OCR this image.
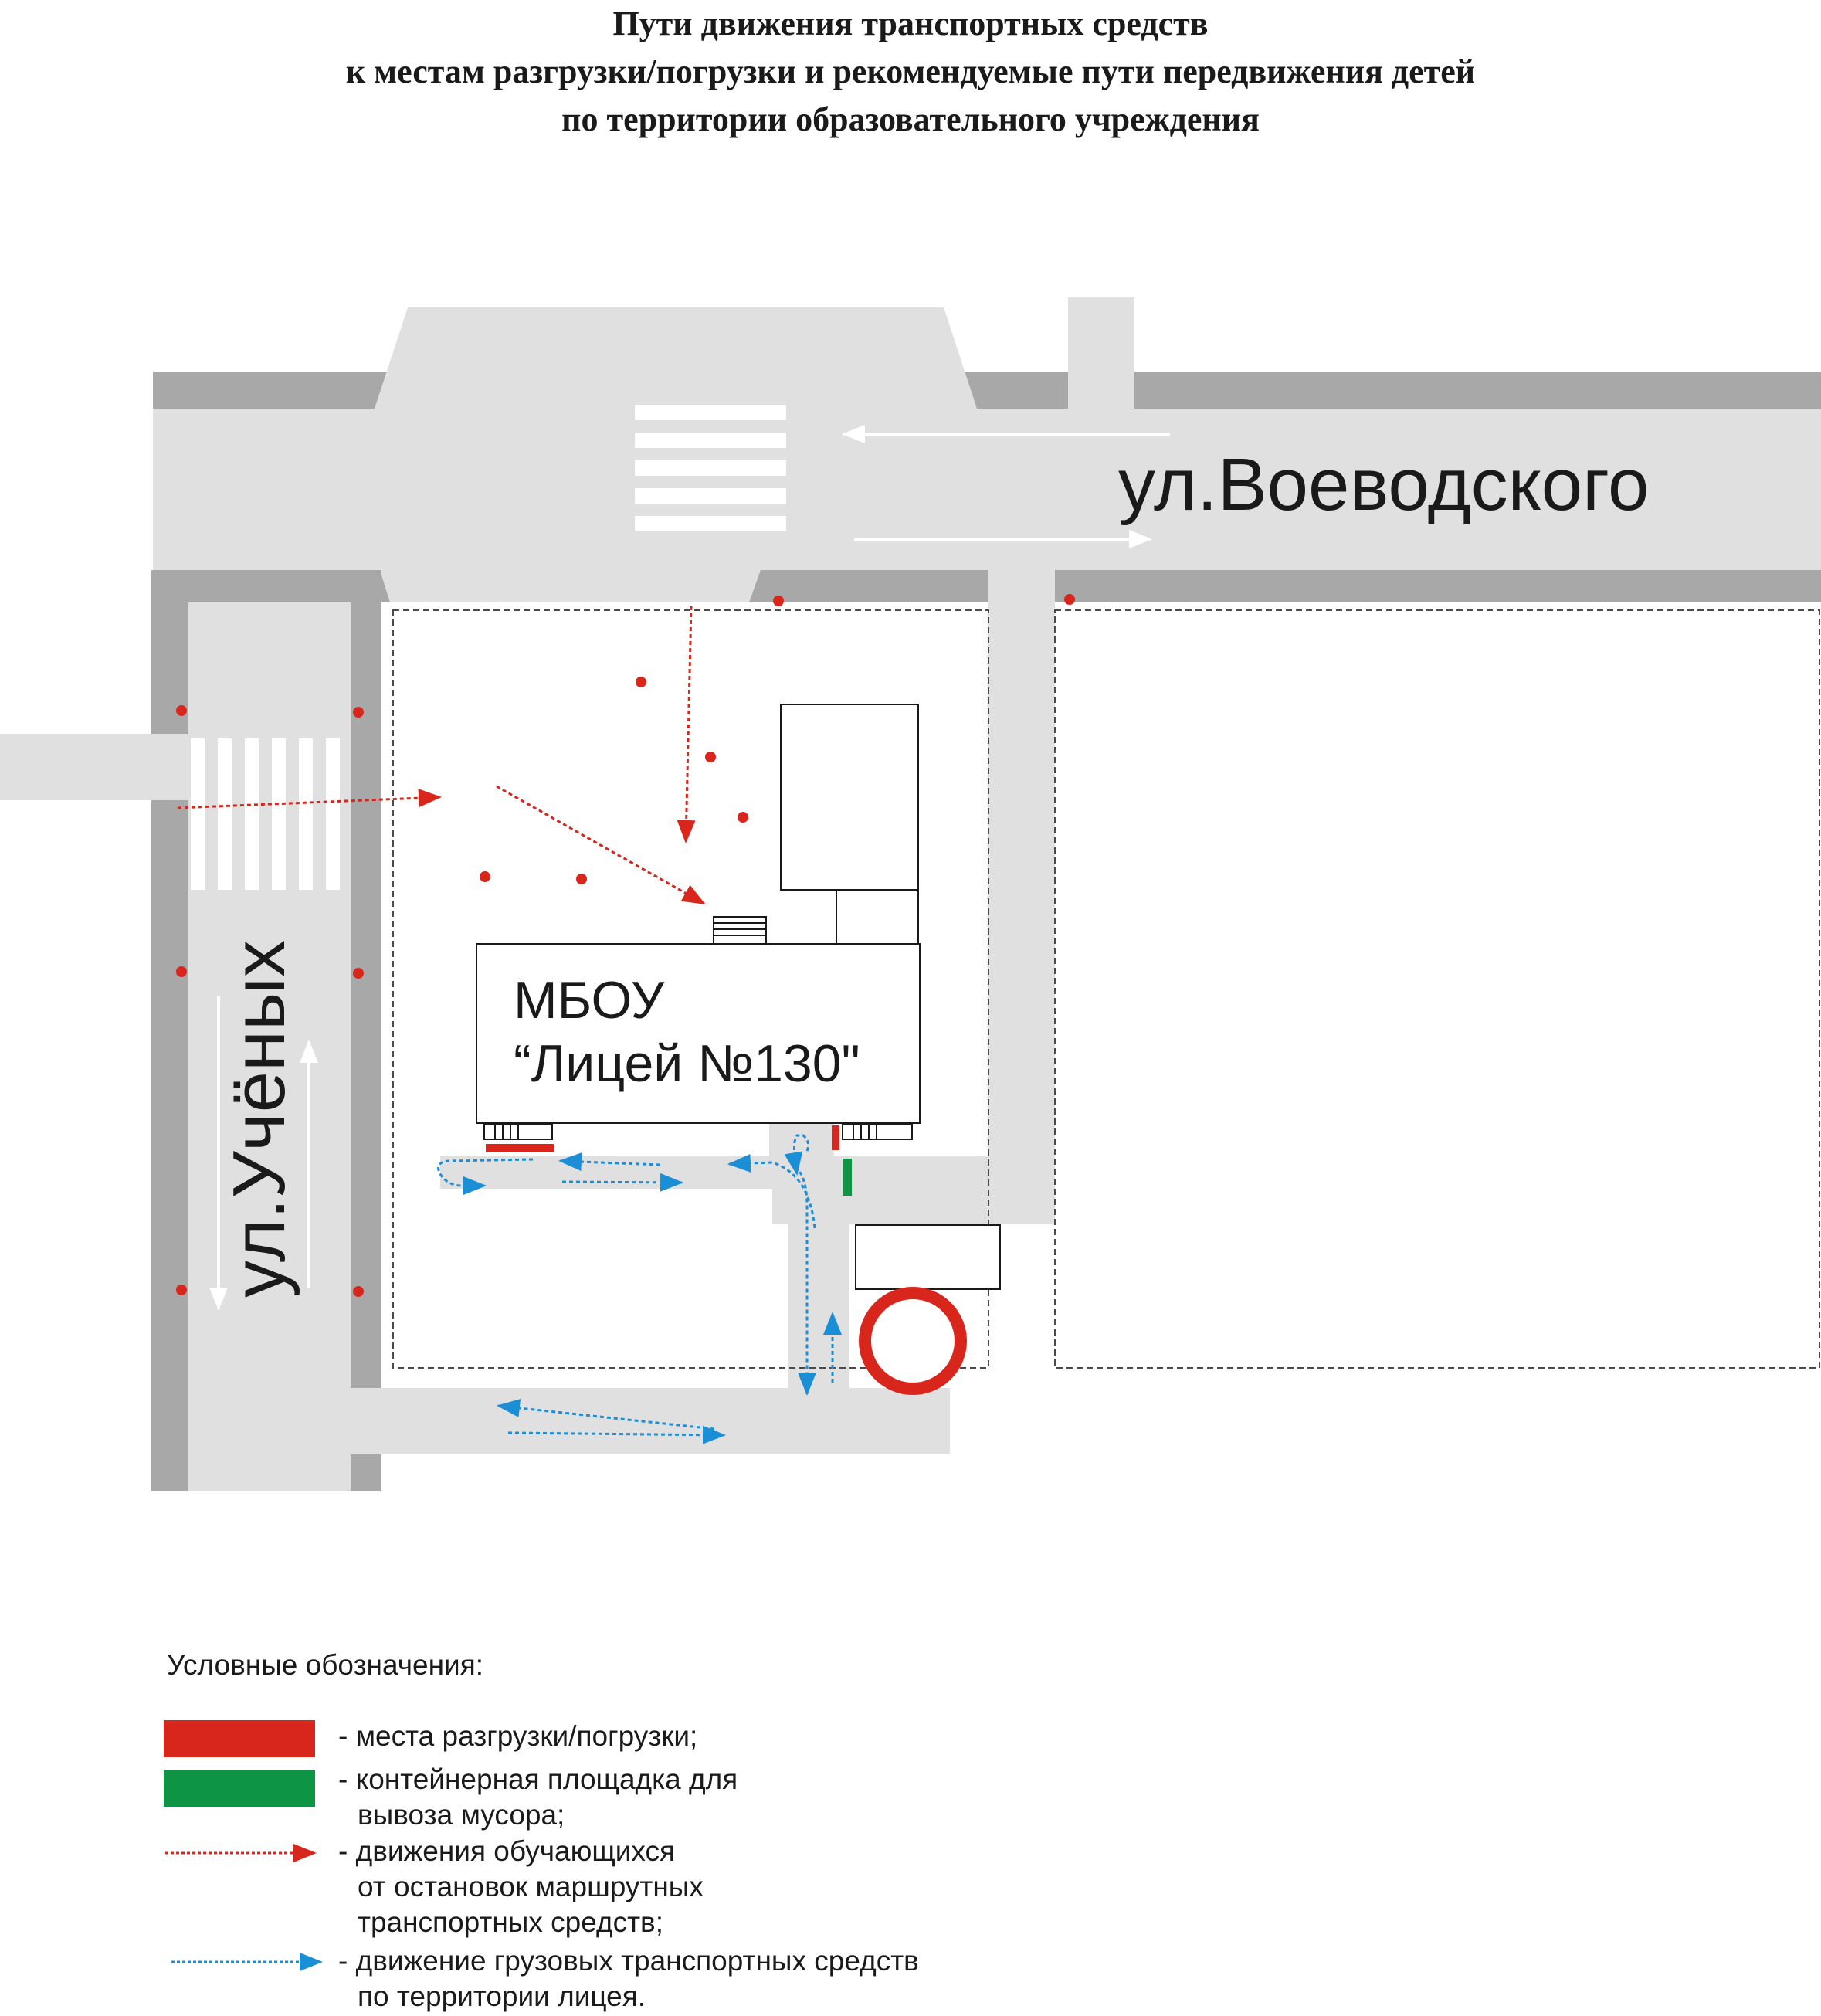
Пути движения транспортных средств
к местам разгрузки/погрузки и рекомендуемые пути передвижения детей
по территории образовательного учреждения
МБОУ
“Лицей №130"
ул.Воеводского
ул.Учёных
Условные обозначения:
- места разгрузки/погрузки;
- контейнерная площадка для
вывоза мусора;
- движения обучающихся
от остановок маршрутных
транспортных средств;
- движение грузовых транспортных средств
по территории лицея.
